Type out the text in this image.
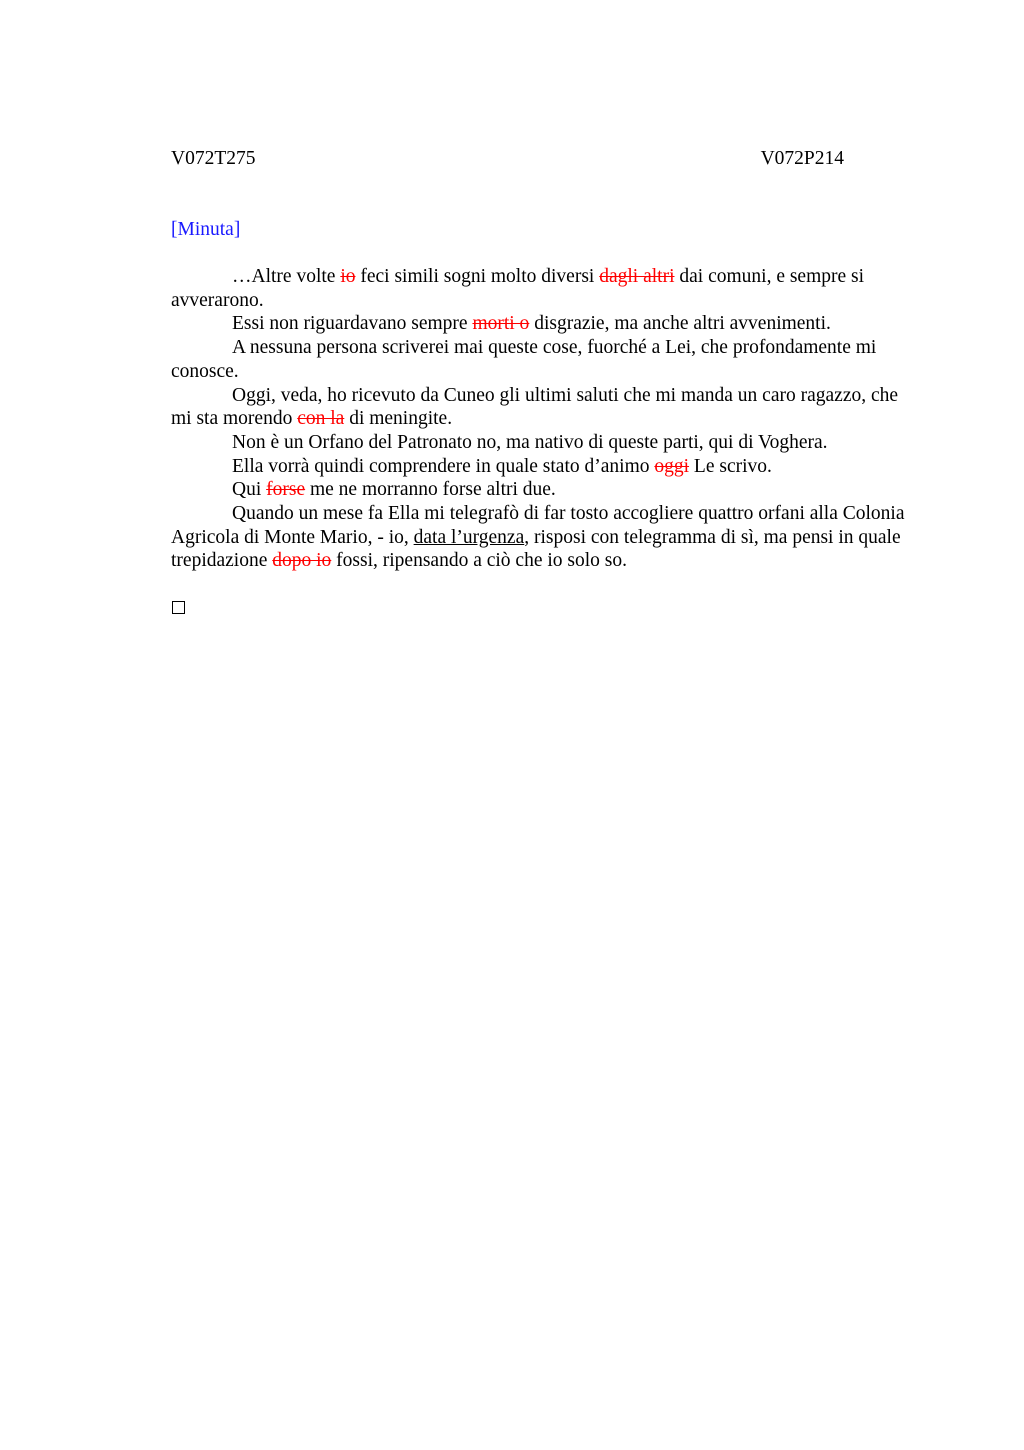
V072T275	V072P214
[Minuta]

…Altre volte io feci simili sogni molto diversi dagli altri dai comuni, e sempre si avverarono.

Essi non riguardavano sempre morti o disgrazie, ma anche altri avvenimenti.

A nessuna persona scriverei mai queste cose, fuorché a Lei, che profondamente mi conosce.

Oggi, veda, ho ricevuto da Cuneo gli ultimi saluti che mi manda un caro ragazzo, che mi sta morendo con la di meningite.

Non è un Orfano del Patronato no, ma nativo di queste parti, qui di Voghera.

Ella vorrà quindi comprendere in quale stato d’animo oggi Le scrivo.

Qui forse me ne morranno forse altri due.

Quando un mese fa Ella mi telegrafò di far tosto accogliere quattro orfani alla Colonia Agricola di Monte Mario, - io, data l’urgenza, risposi con telegramma di sì, ma pensi in quale trepidazione dopo io fossi, ripensando a ciò che io solo so.
